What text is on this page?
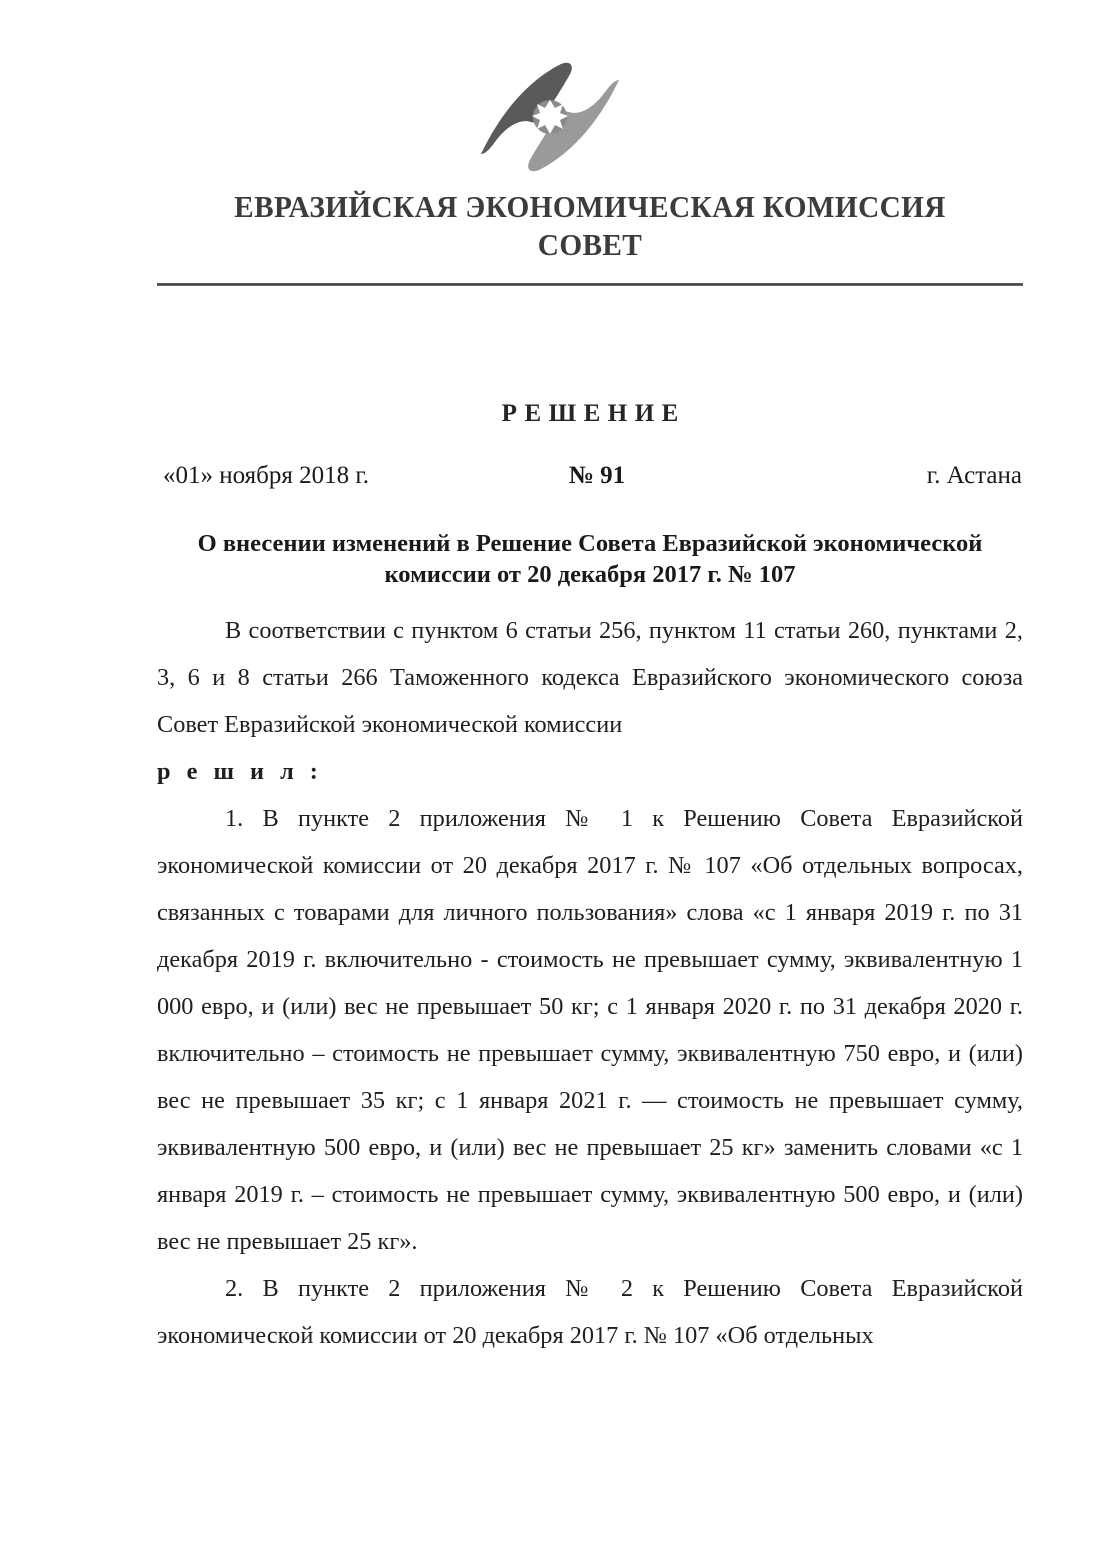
ЕВРАЗИЙСКАЯ ЭКОНОМИЧЕСКАЯ КОМИССИЯ
СОВЕТ
РЕШЕНИЕ
«01» ноября 2018 г.	№ 91	г. Астана
О внесении изменений в Решение Совета Евразийской экономической комиссии от 20 декабря 2017 г. № 107

В соответствии с пунктом 6 статьи 256, пунктом 11 статьи 260, пунктами 2, 3, 6 и 8 статьи 266 Таможенного кодекса Евразийского экономического союза Совет Евразийской экономической комиссии

р е ш и л :

1. В пункте 2 приложения № 1 к Решению Совета Евразийской экономической комиссии от 20 декабря 2017 г. № 107 «Об отдельных вопросах, связанных с товарами для личного пользования» слова «с 1 января 2019 г. по 31 декабря 2019 г. включительно - стоимость не превышает сумму, эквивалентную 1 000 евро, и (или) вес не превышает 50 кг; с 1 января 2020 г. по 31 декабря 2020 г. включительно – стоимость не превышает сумму, эквивалентную 750 евро, и (или) вес не превышает 35 кг; с 1 января 2021 г. — стоимость не превышает сумму, эквивалентную 500 евро, и (или) вес не превышает 25 кг» заменить словами «с 1 января 2019 г. – стоимость не превышает сумму, эквивалентную 500 евро, и (или) вес не превышает 25 кг».

2. В пункте 2 приложения № 2 к Решению Совета Евразийской экономической комиссии от 20 декабря 2017 г. № 107 «Об отдельных
